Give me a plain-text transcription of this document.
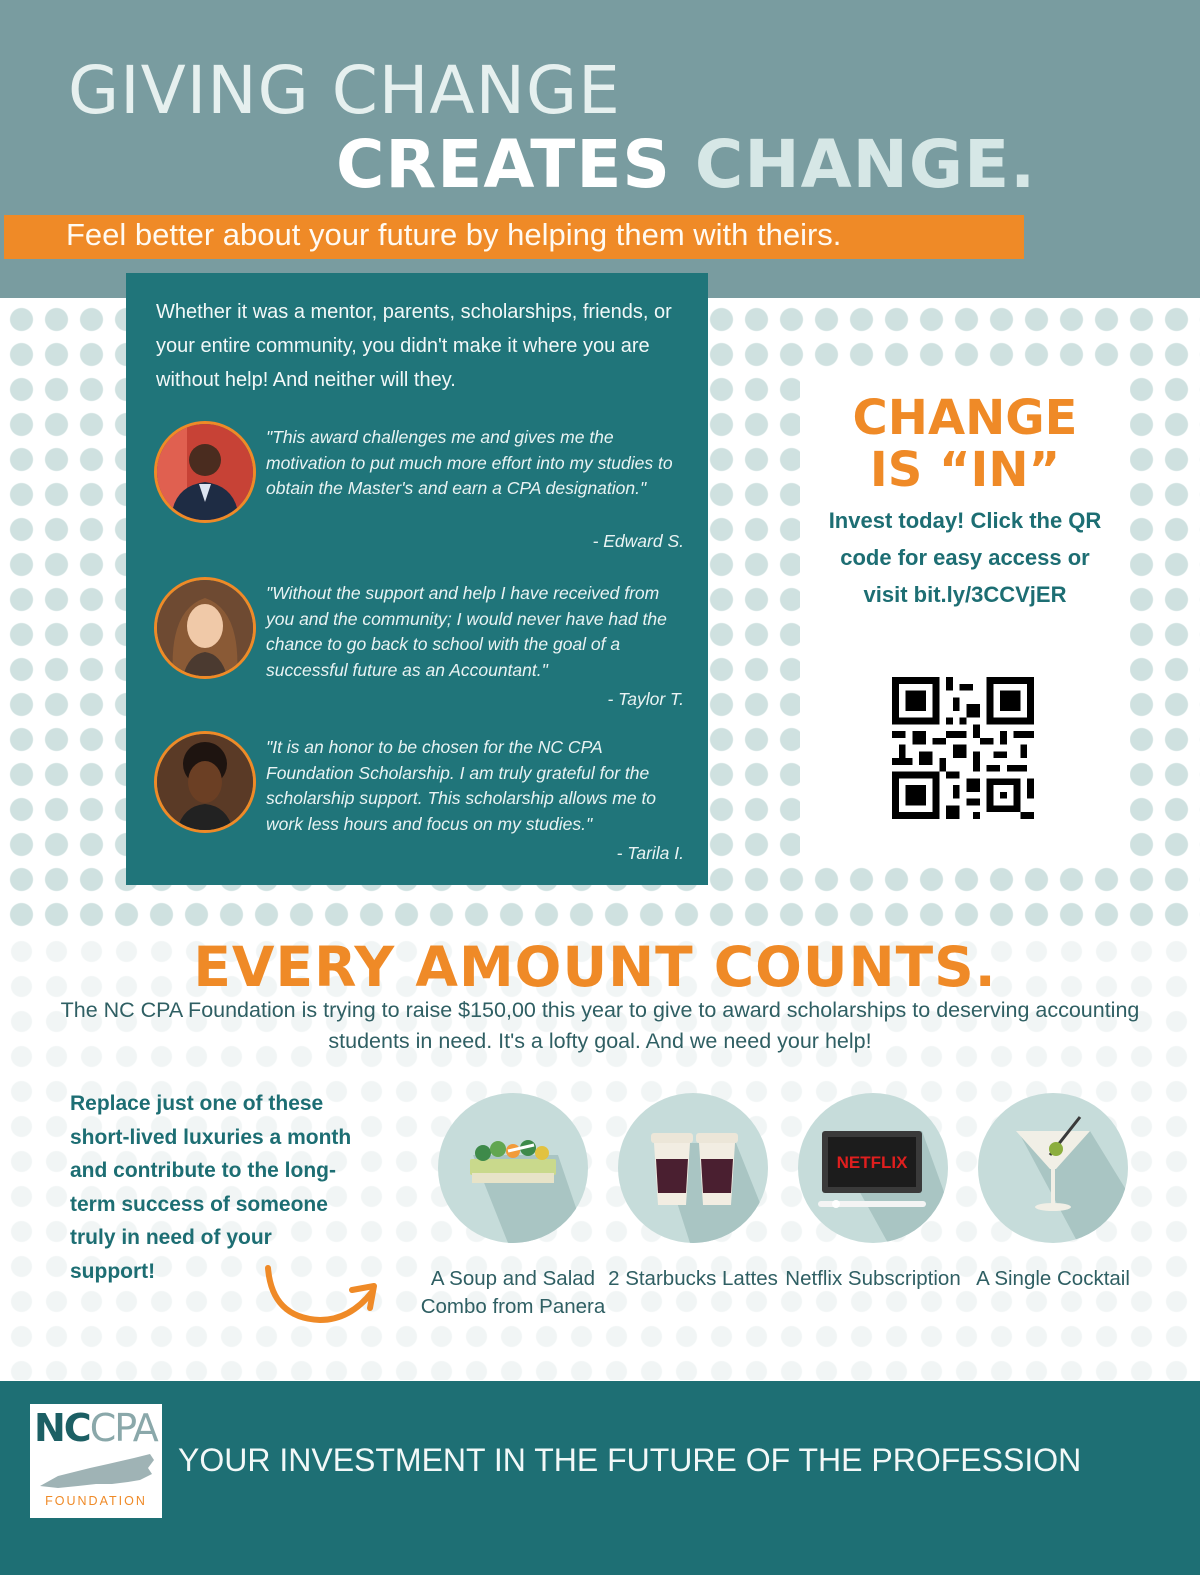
GIVING CHANGE
CREATES CHANGE.
Feel better about your future by helping them with theirs.
Whether it was a mentor, parents, scholarships, friends, or your entire community, you didn't make it where you are without help! And neither will they.
"This award challenges me and gives me the motivation to put much more effort into my studies to obtain the Master's and earn a CPA designation."
- Edward S.
"Without the support and help I have received from you and the community; I would never have had the chance to go back to school with the goal of a successful future as an Accountant."
- Taylor T.
"It is an honor to be chosen for the NC CPA Foundation Scholarship. I am truly grateful for the scholarship support. This scholarship allows me to work less hours and focus on my studies."
- Tarila I.
CHANGE
IS “IN”
Invest today! Click the QR code for easy access or visit bit.ly/3CCVjER
EVERY AMOUNT COUNTS.
The NC CPA Foundation is trying to raise $150,00 this year to give to award scholarships to deserving accounting students in need. It's a lofty goal. And we need your help!
Replace just one of these short-lived luxuries a month and contribute to the long-term success of someone truly in need of your support!	A Soup and Salad Combo from Panera
2 Starbucks Lattes
NETFLIX
Netflix Subscription A Single Cocktail
NCCPA
FOUNDATION
YOUR INVESTMENT IN THE FUTURE OF THE PROFESSION
